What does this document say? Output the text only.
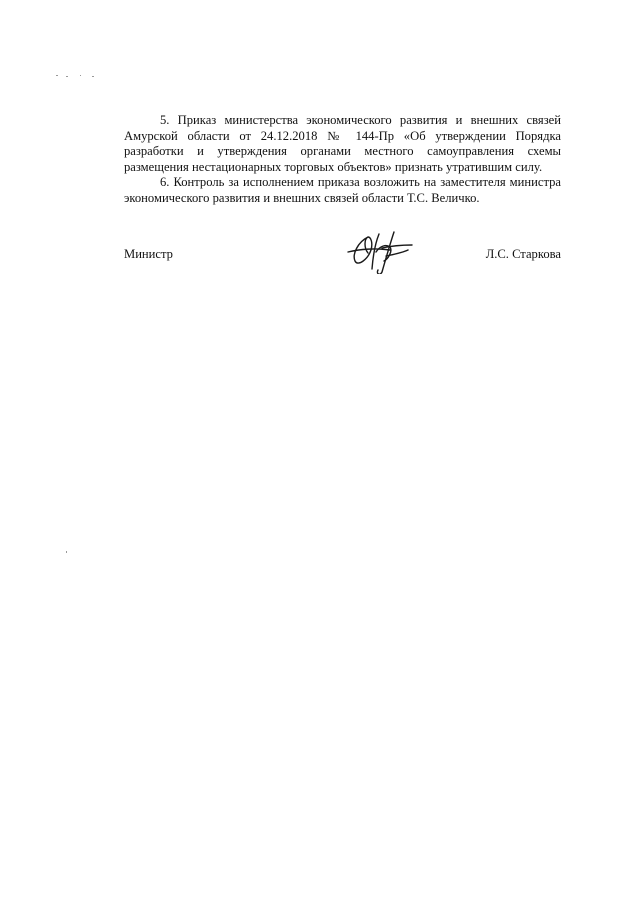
5. Приказ министерства экономического развития и внешних связей Амурской области от 24.12.2018 № 144-Пр «Об утверждении Порядка разработки и утверждения органами местного самоуправления схемы размещения нестационарных торговых объектов» признать утратившим силу.

6. Контроль за исполнением приказа возложить на заместителя министра экономического развития и внешних связей области Т.С. Величко.

Министр	Л.С. Старкова
